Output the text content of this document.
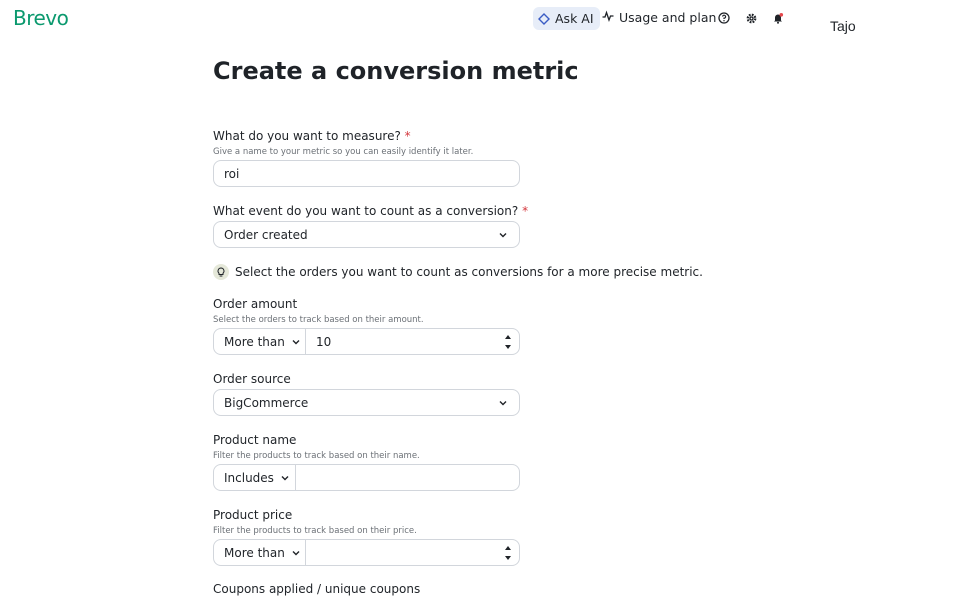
Brevo	Ask AI Usage and plan
Tajo
Create a conversion metric
What do you want to measure? *
Give a name to your metric so you can easily identify it later.
roi
What event do you want to count as a conversion? *
Order created
Select the orders you want to count as conversions for a more precise metric.
Order amount
Select the orders to track based on their amount.
More than	10
Order source
BigCommerce
Product name
Filter the products to track based on their name.
Includes
Product price
Filter the products to track based on their price.
More than
Coupons applied / unique coupons
